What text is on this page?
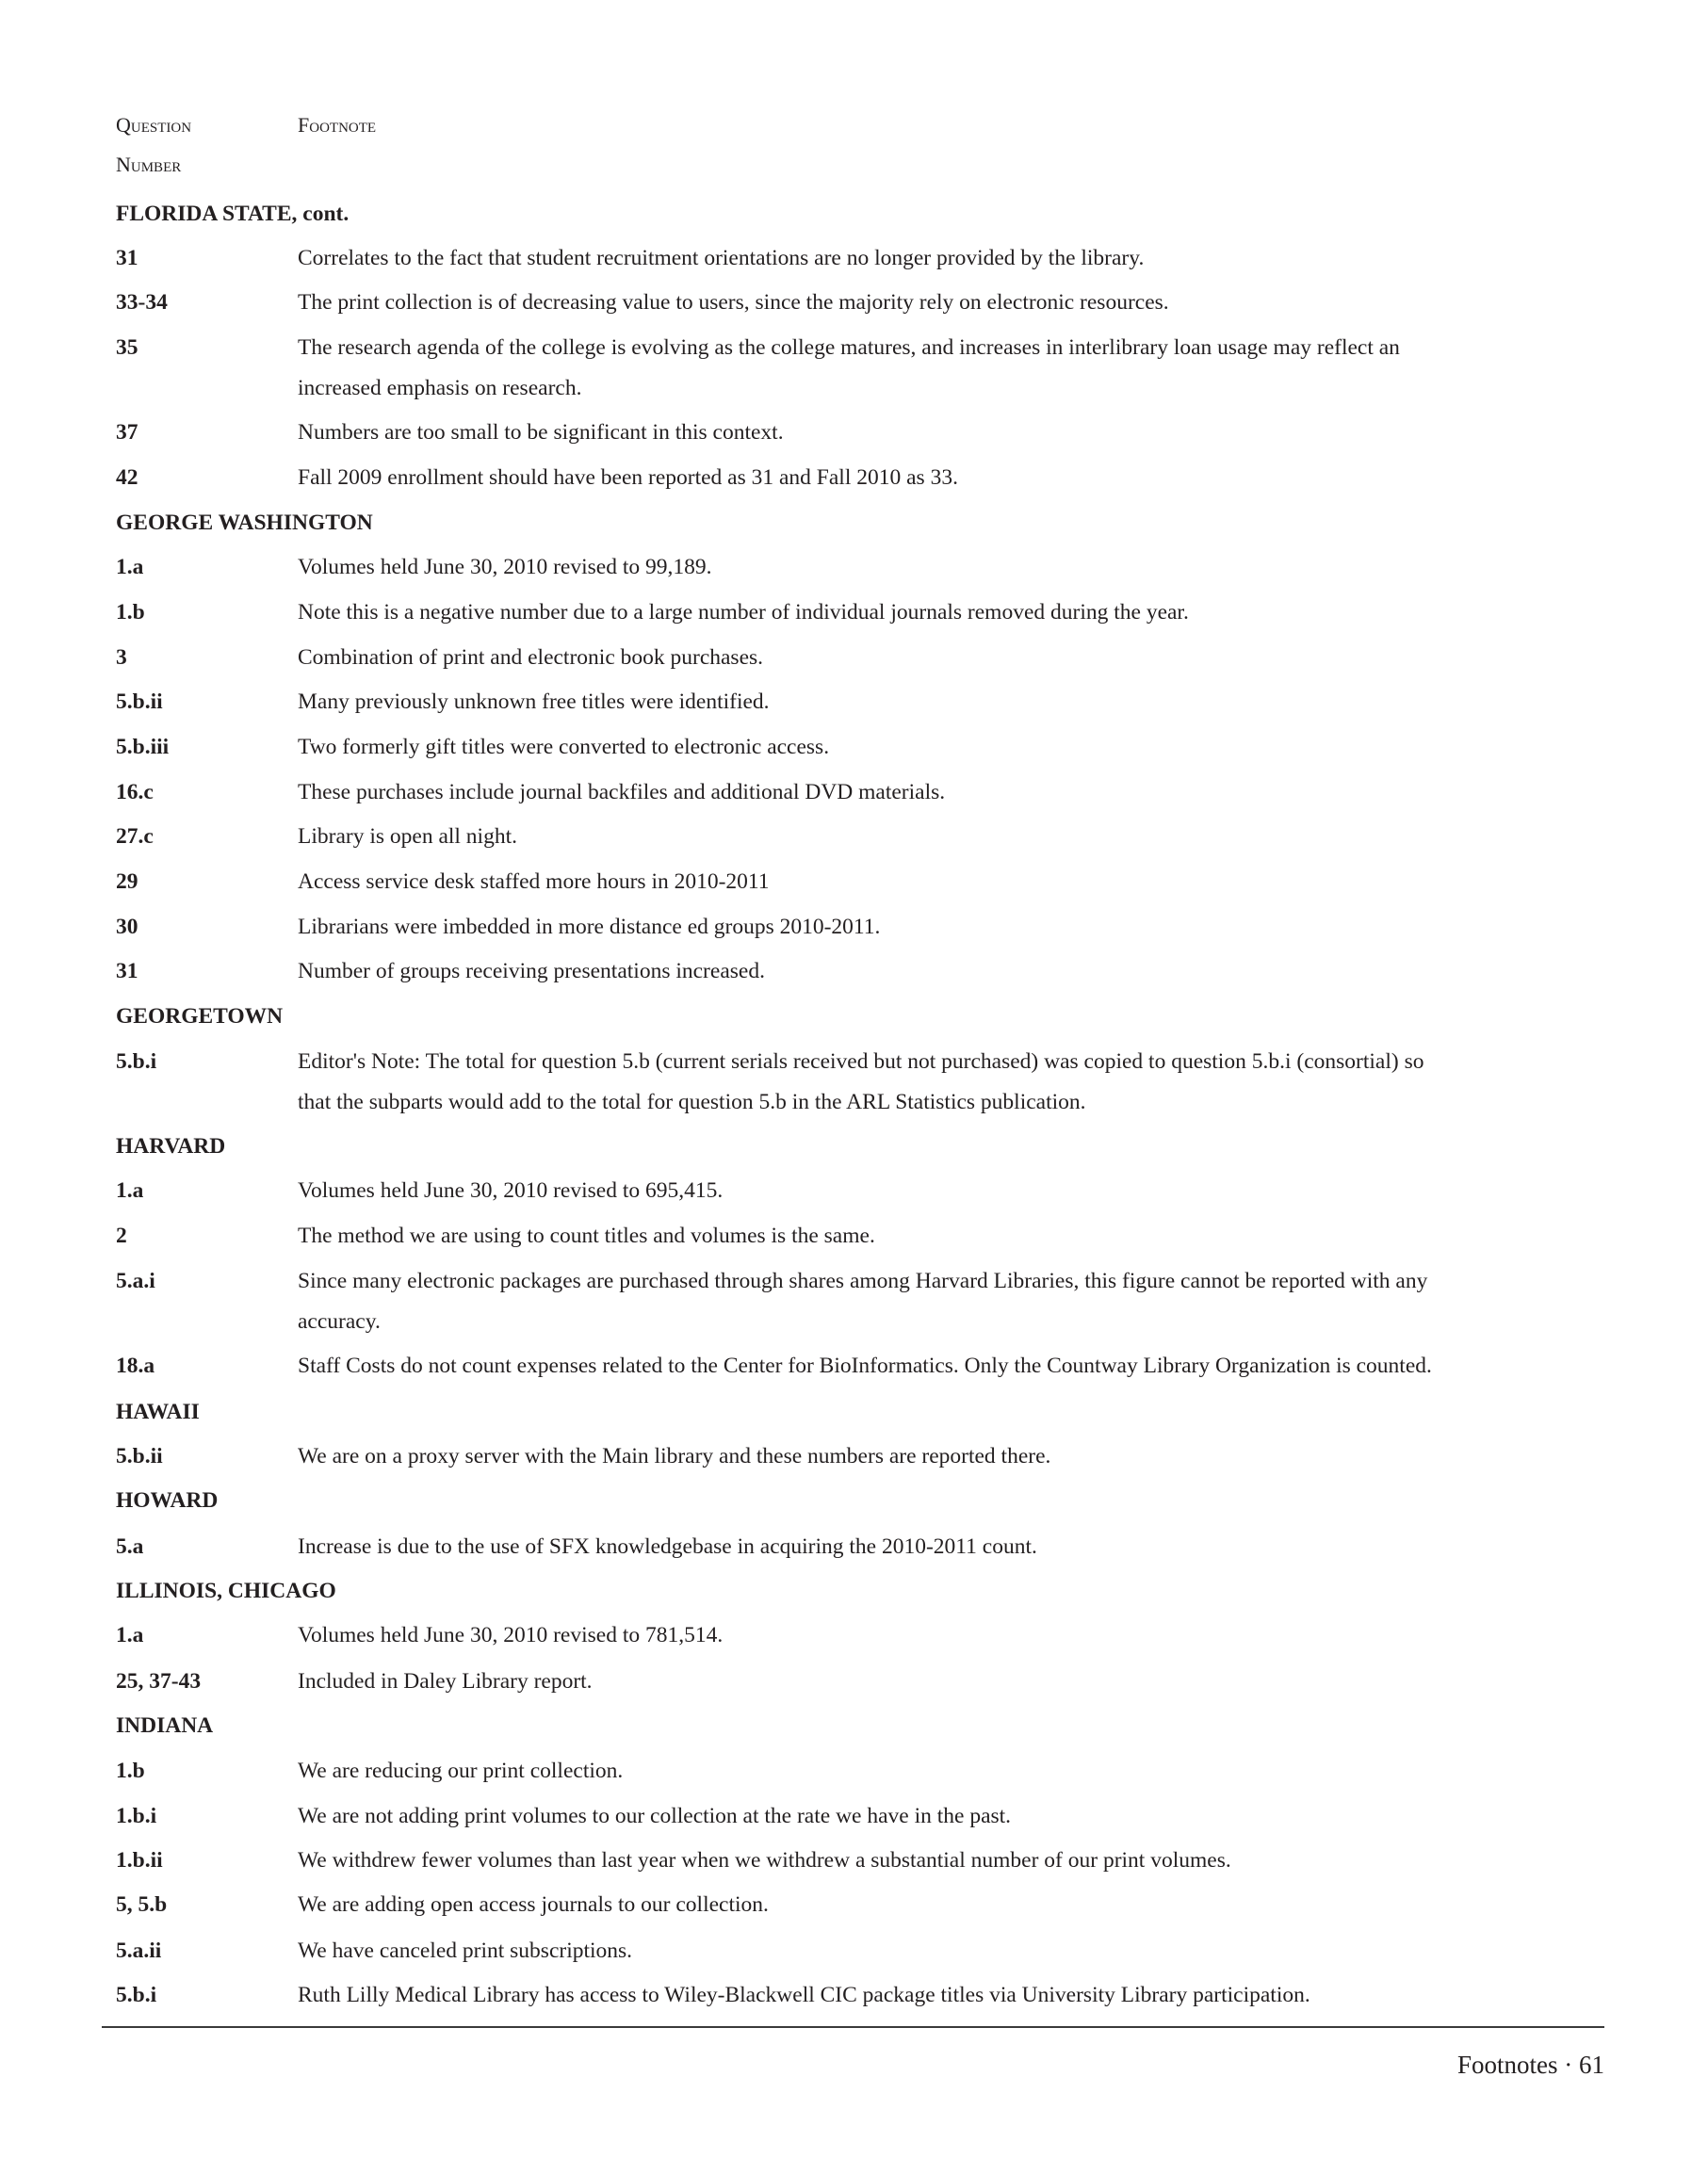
Question
Number
Footnote
FLORIDA STATE, cont.
31	Correlates to the fact that student recruitment orientations are no longer provided by the library.
33-34	The print collection is of decreasing value to users, since the majority rely on electronic resources.
35	The research agenda of the college is evolving as the college matures, and increases in interlibrary loan usage may reflect an
increased emphasis on research.
37	Numbers are too small to be significant in this context.
42	Fall 2009 enrollment should have been reported as 31 and Fall 2010 as 33.
GEORGE WASHINGTON
1.a	Volumes held June 30, 2010 revised to 99,189.
1.b	Note this is a negative number due to a large number of individual journals removed during the year.
3	Combination of print and electronic book purchases.
5.b.ii	Many previously unknown free titles were identified.
5.b.iii	Two formerly gift titles were converted to electronic access.
16.c	These purchases include journal backfiles and additional DVD materials.
27.c	Library is open all night.
29	Access service desk staffed more hours in 2010-2011
30	Librarians were imbedded in more distance ed groups 2010-2011.
31	Number of groups receiving presentations increased.
GEORGETOWN
5.b.i	Editor's Note: The total for question 5.b (current serials received but not purchased) was copied to question 5.b.i (consortial) so
that the subparts would add to the total for question 5.b in the ARL Statistics publication.
HARVARD
1.a	Volumes held June 30, 2010 revised to 695,415.
2	The method we are using to count titles and volumes is the same.
5.a.i	Since many electronic packages are purchased through shares among Harvard Libraries, this figure cannot be reported with any
accuracy.
18.a	Staff Costs do not count expenses related to the Center for BioInformatics. Only the Countway Library Organization is counted.
HAWAII
5.b.ii	We are on a proxy server with the Main library and these numbers are reported there.
HOWARD
5.a	Increase is due to the use of SFX knowledgebase in acquiring the 2010-2011 count.
ILLINOIS, CHICAGO
1.a	Volumes held June 30, 2010 revised to 781,514.
25, 37-43	Included in Daley Library report.
INDIANA
1.b	We are reducing our print collection.
1.b.i	We are not adding print volumes to our collection at the rate we have in the past.
1.b.ii	We withdrew fewer volumes than last year when we withdrew a substantial number of our print volumes.
5, 5.b	We are adding open access journals to our collection.
5.a.ii	We have canceled print subscriptions.
5.b.i	Ruth Lilly Medical Library has access to Wiley-Blackwell CIC package titles via University Library participation.
Footnotes · 61
